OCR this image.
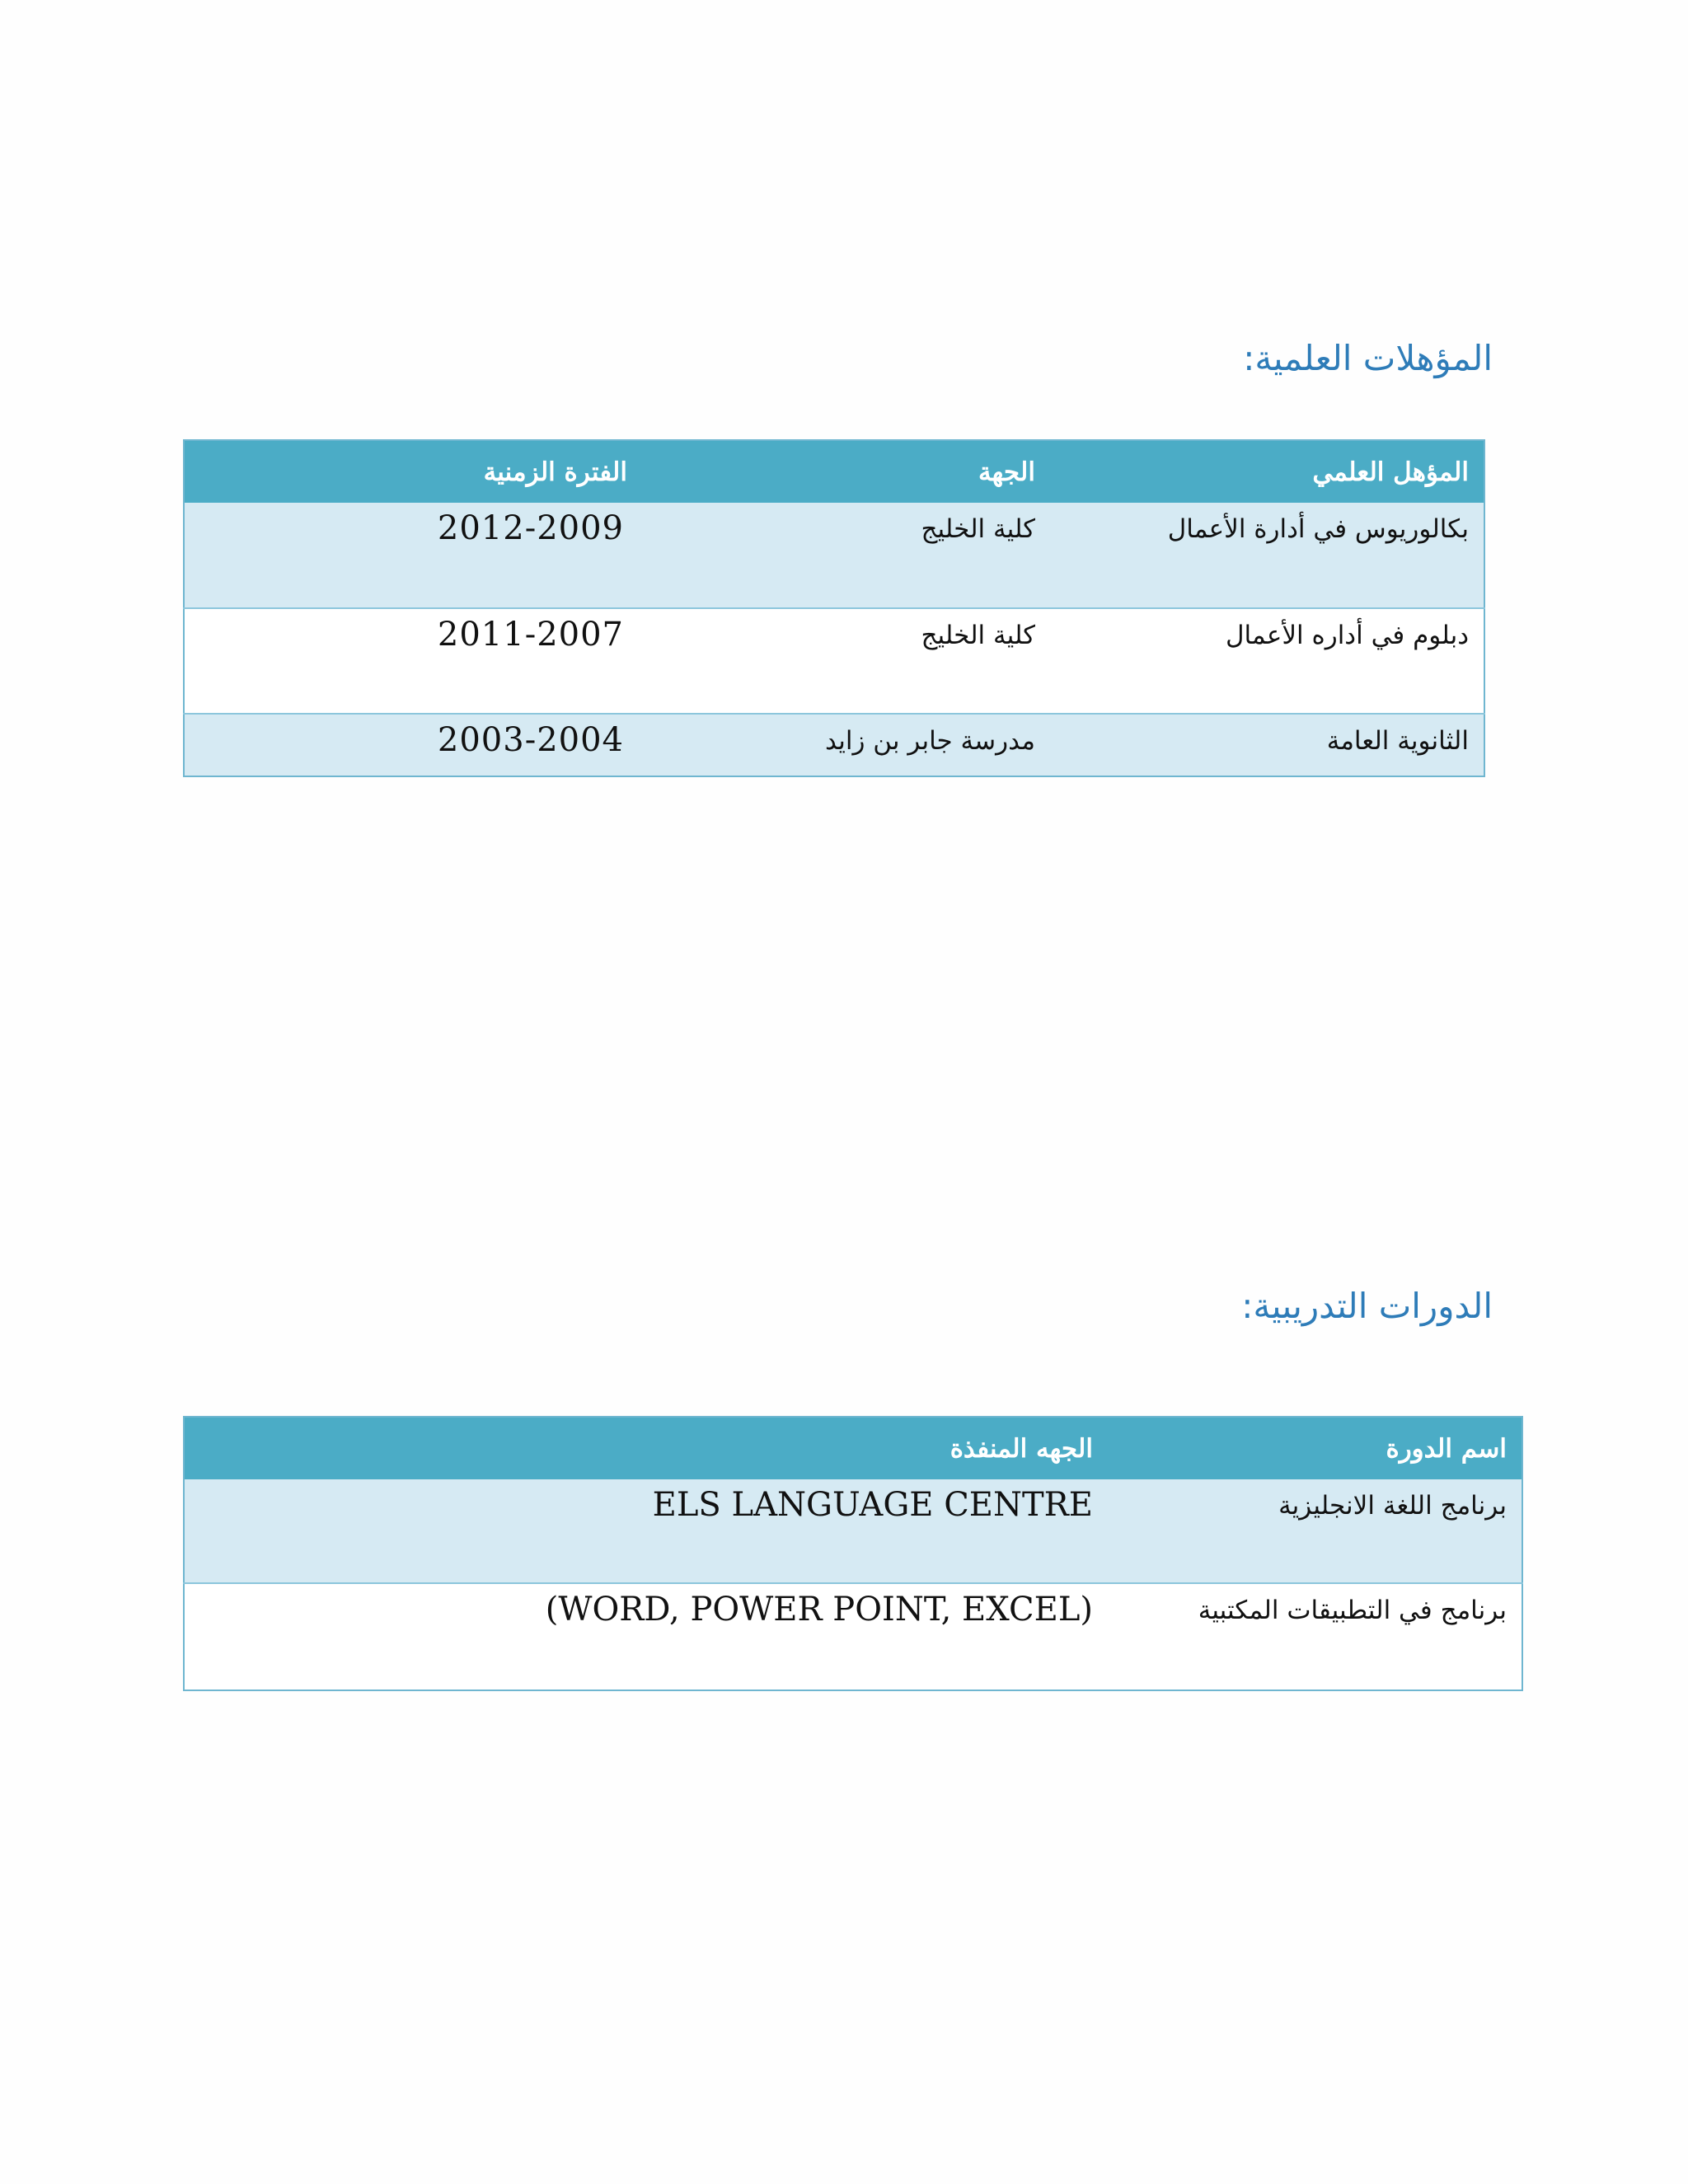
المؤهلات العلمية:
المؤهل العلمي	الجهة	الفترة الزمنية
بكالوريوس في أدارة الأعمال	كلية الخليج	2012-2009
دبلوم في أداره الأعمال	كلية الخليج	2011-2007
الثانوية العامة	مدرسة جابر بن زايد	2003-2004
الدورات التدريبية:
اسم الدورة	الجهه المنفذة
برنامج اللغة الانجليزية	ELS LANGUAGE CENTRE
برنامج في التطبيقات المكتبية	(WORD, POWER POINT, EXCEL)
